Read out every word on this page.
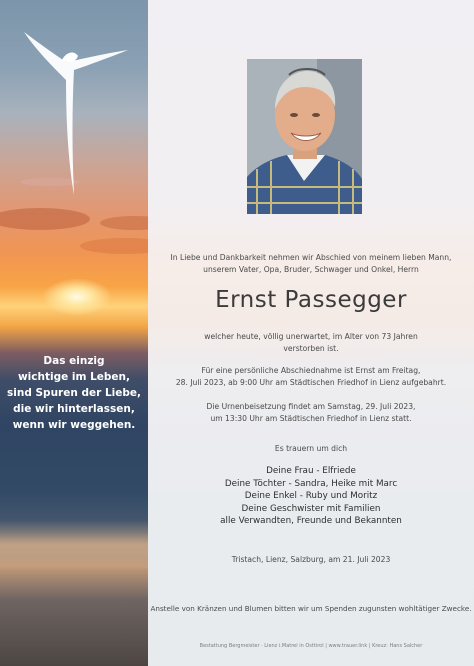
Das einzig
wichtige im Leben,
sind Spuren der Liebe,
die wir hinterlassen,
wenn wir weggehen.
In Liebe und Dankbarkeit nehmen wir Abschied von meinem lieben Mann,
unserem Vater, Opa, Bruder, Schwager und Onkel, Herrn
Ernst Passegger
welcher heute, völlig unerwartet, im Alter von 73 Jahren
verstorben ist.
Für eine persönliche Abschiednahme ist Ernst am Freitag,
28. Juli 2023, ab 9:00 Uhr am Städtischen Friedhof in Lienz aufgebahrt.
Die Urnenbeisetzung findet am Samstag, 29. Juli 2023,
um 13:30 Uhr am Städtischen Friedhof in Lienz statt.
Es trauern um dich
Deine Frau - Elfriede
Deine Töchter - Sandra, Heike mit Marc
Deine Enkel - Ruby und Moritz
Deine Geschwister mit Familien
alle Verwandten, Freunde und Bekannten
Tristach, Lienz, Salzburg, am 21. Juli 2023
Anstelle von Kränzen und Blumen bitten wir um Spenden zugunsten wohltätiger Zwecke.
Bestattung Bergmeister · Lienz i.Matrei in Osttirol | www.trauer.link | Kreuz: Hans Salcher
